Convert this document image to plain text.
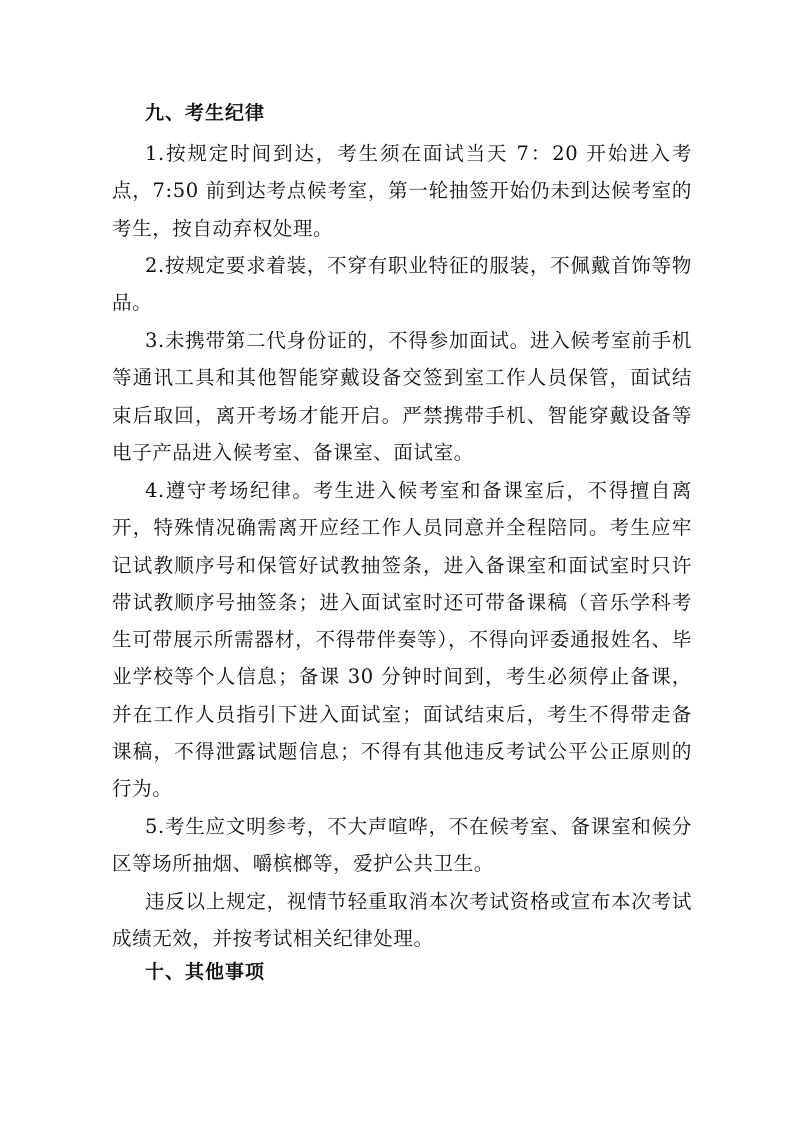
九、考生纪律

1.按规定时间到达，考生须在面试当天 7：20 开始进入考点，7:50 前到达考点候考室，第一轮抽签开始仍未到达候考室的考生，按自动弃权处理。

2.按规定要求着装，不穿有职业特征的服装，不佩戴首饰等物品。

3.未携带第二代身份证的，不得参加面试。进入候考室前手机等通讯工具和其他智能穿戴设备交签到室工作人员保管，面试结束后取回，离开考场才能开启。严禁携带手机、智能穿戴设备等电子产品进入候考室、备课室、面试室。

4.遵守考场纪律。考生进入候考室和备课室后，不得擅自离开，特殊情况确需离开应经工作人员同意并全程陪同。考生应牢记试教顺序号和保管好试教抽签条，进入备课室和面试室时只许带试教顺序号抽签条；进入面试室时还可带备课稿（音乐学科考生可带展示所需器材，不得带伴奏等），不得向评委通报姓名、毕业学校等个人信息；备课 30 分钟时间到，考生必须停止备课，并在工作人员指引下进入面试室；面试结束后，考生不得带走备课稿，不得泄露试题信息；不得有其他违反考试公平公正原则的行为。

5.考生应文明参考，不大声喧哗，不在候考室、备课室和候分区等场所抽烟、嚼槟榔等，爱护公共卫生。

违反以上规定，视情节轻重取消本次考试资格或宣布本次考试成绩无效，并按考试相关纪律处理。

十、其他事项
